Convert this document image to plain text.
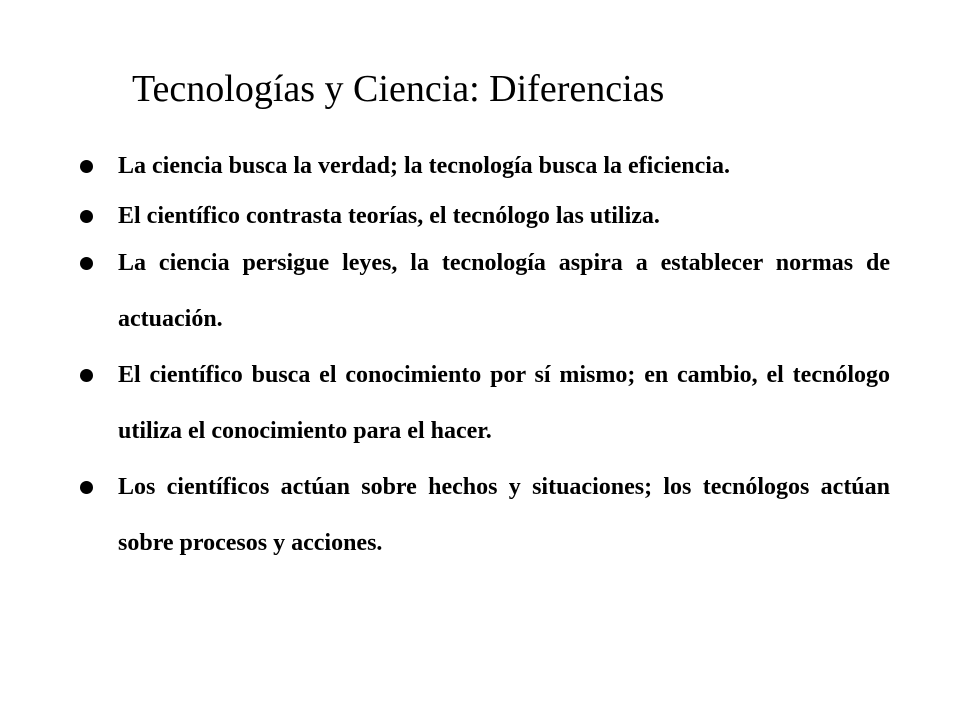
Tecnologías y Ciencia: Diferencias
La ciencia busca la verdad; la tecnología busca la eficiencia.
El científico contrasta teorías, el tecnólogo las utiliza.
La ciencia persigue leyes, la tecnología aspira a establecer normas de actuación.
El científico busca el conocimiento por sí mismo; en cambio, el tecnólogo utiliza el conocimiento para el hacer.
Los científicos actúan sobre hechos y situaciones; los tecnólogos actúan sobre procesos y acciones.
